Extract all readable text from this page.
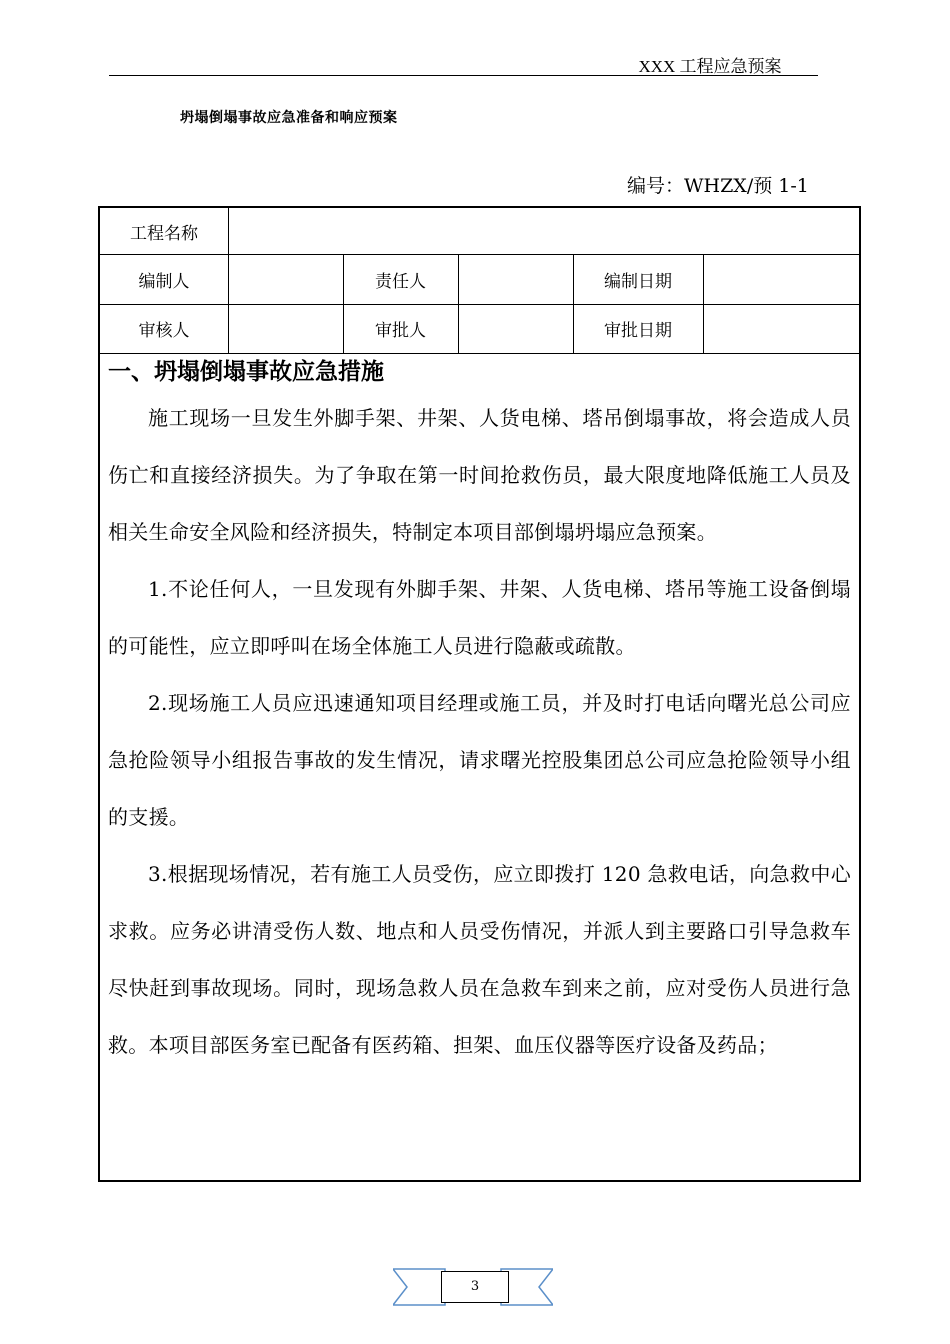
XXX 工程应急预案
坍塌倒塌事故应急准备和响应预案
编号：WHZX/预 1-1
工程名称
编制人	责任人	编制日期
审核人	审批人	审批日期

一、坍塌倒塌事故应急措施

施工现场一旦发生外脚手架、井架、人货电梯、塔吊倒塌事故，将会造成人员伤亡和直接经济损失。为了争取在第一时间抢救伤员，最大限度地降低施工人员及相关生命安全风险和经济损失，特制定本项目部倒塌坍塌应急预案。

1.不论任何人，一旦发现有外脚手架、井架、人货电梯、塔吊等施工设备倒塌的可能性，应立即呼叫在场全体施工人员进行隐蔽或疏散。

2.现场施工人员应迅速通知项目经理或施工员，并及时打电话向曙光总公司应急抢险领导小组报告事故的发生情况，请求曙光控股集团总公司应急抢险领导小组的支援。

3.根据现场情况，若有施工人员受伤，应立即拨打 120 急救电话，向急救中心求救。应务必讲清受伤人数、地点和人员受伤情况，并派人到主要路口引导急救车尽快赶到事故现场。同时，现场急救人员在急救车到来之前，应对受伤人员进行急救。本项目部医务室已配备有医药箱、担架、血压仪器等医疗设备及药品；

3
